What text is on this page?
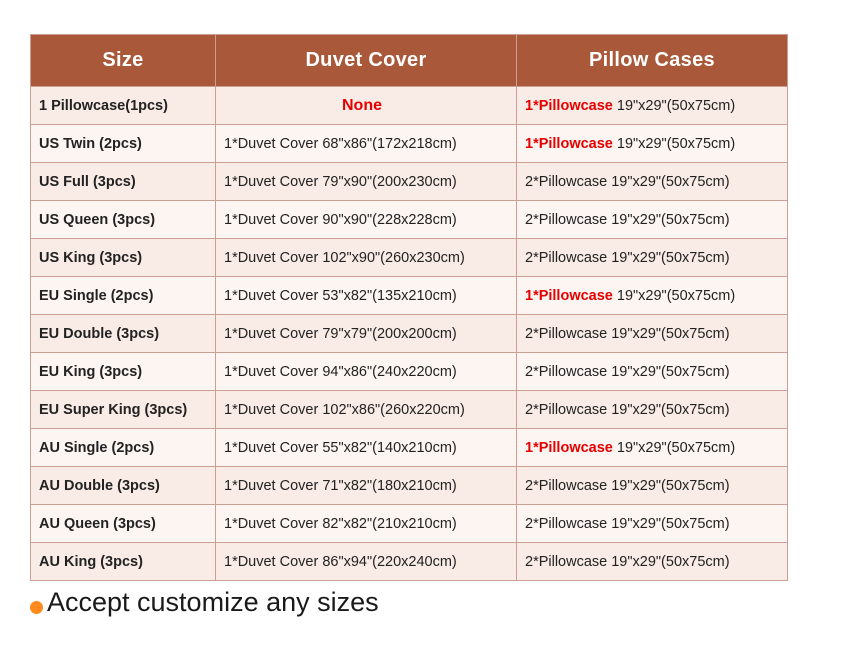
Size	Duvet Cover	Pillow Cases
1 Pillowcase(1pcs)	None	1*Pillowcase 19"x29"(50x75cm)
US Twin (2pcs)	1*Duvet Cover 68"x86"(172x218cm)	1*Pillowcase 19"x29"(50x75cm)
US Full (3pcs)	1*Duvet Cover 79"x90"(200x230cm)	2*Pillowcase 19"x29"(50x75cm)
US Queen (3pcs)	1*Duvet Cover 90"x90"(228x228cm)	2*Pillowcase 19"x29"(50x75cm)
US King (3pcs)	1*Duvet Cover 102"x90"(260x230cm)	2*Pillowcase 19"x29"(50x75cm)
EU Single (2pcs)	1*Duvet Cover 53"x82"(135x210cm)	1*Pillowcase 19"x29"(50x75cm)
EU Double (3pcs)	1*Duvet Cover 79"x79"(200x200cm)	2*Pillowcase 19"x29"(50x75cm)
EU King (3pcs)	1*Duvet Cover 94"x86"(240x220cm)	2*Pillowcase 19"x29"(50x75cm)
EU Super King (3pcs)	1*Duvet Cover 102"x86"(260x220cm)	2*Pillowcase 19"x29"(50x75cm)
AU Single (2pcs)	1*Duvet Cover 55"x82"(140x210cm)	1*Pillowcase 19"x29"(50x75cm)
AU Double (3pcs)	1*Duvet Cover 71"x82"(180x210cm)	2*Pillowcase 19"x29"(50x75cm)
AU Queen (3pcs)	1*Duvet Cover 82"x82"(210x210cm)	2*Pillowcase 19"x29"(50x75cm)
AU King (3pcs)	1*Duvet Cover 86"x94"(220x240cm)	2*Pillowcase 19"x29"(50x75cm)
Accept customize any sizes
